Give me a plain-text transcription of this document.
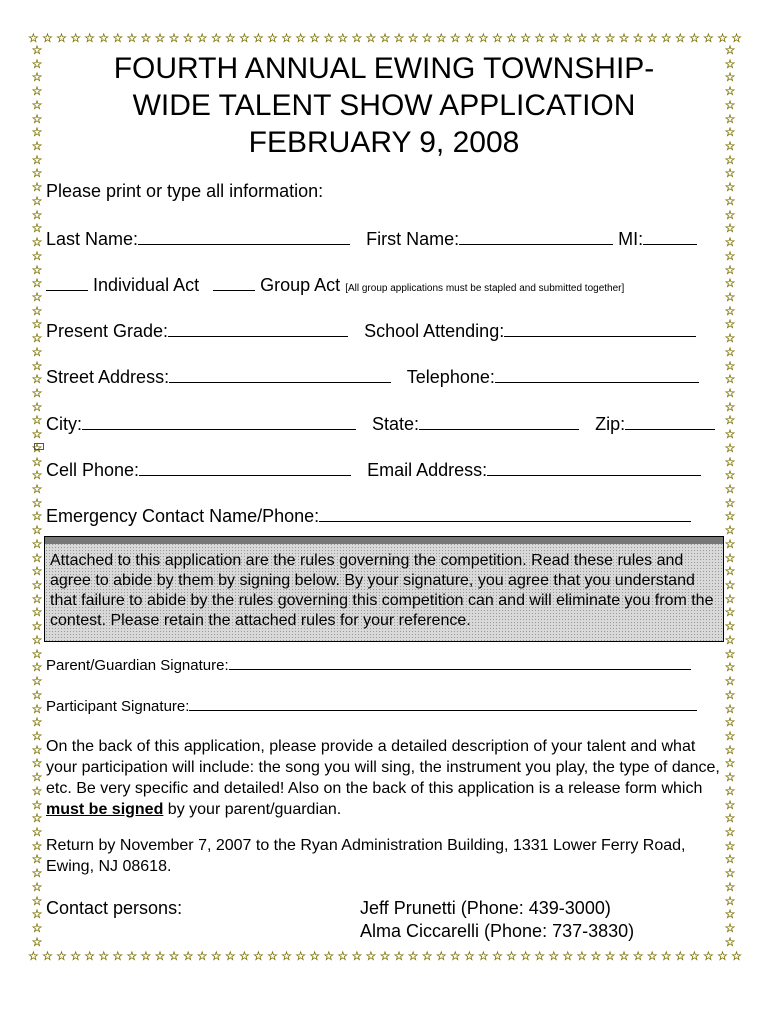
☆ ☆ ☆ ☆ ☆ ☆ ☆ ☆ ☆ ☆ ☆ ☆ ☆ ☆ ☆ ☆ ☆ ☆ ☆ ☆ ☆ ☆ ☆ ☆ ☆ ☆ ☆ ☆ ☆ ☆ ☆ ☆ ☆ ☆ ☆ ☆ ☆ ☆ ☆ ☆ ☆ ☆ ☆ ☆ ☆ ☆ ☆ ☆ ☆ ☆ ☆
☆ ☆ ☆ ☆ ☆ ☆ ☆ ☆ ☆ ☆ ☆ ☆ ☆ ☆ ☆ ☆ ☆ ☆ ☆ ☆ ☆ ☆ ☆ ☆ ☆ ☆ ☆ ☆ ☆ ☆ ☆ ☆ ☆ ☆ ☆ ☆ ☆ ☆ ☆ ☆ ☆ ☆ ☆ ☆ ☆ ☆ ☆ ☆ ☆ ☆ ☆
☆
☆
☆
☆
☆
☆
☆
☆
☆
☆
☆
☆
☆
☆
☆
☆
☆
☆
☆
☆
☆
☆
☆
☆
☆
☆
☆
☆
☆
☆
☆
☆
☆
☆
☆
☆
☆
☆
☆
☆
☆
☆
☆
☆
☆
☆
☆
☆
☆
☆
☆
☆
☆
☆
☆
☆
☆
☆
☆
☆
☆
☆
☆
☆
☆
☆
☆
☆
☆
☆
☆
☆
☆
☆
☆
☆
☆
☆
☆
☆
☆
☆
☆
☆
☆
☆
☆
☆
☆
☆
☆
☆
☆
☆
☆
☆
☆
☆
☆
☆
☆
☆
☆
☆
☆
☆
☆
☆
☆
☆
☆
☆
☆
☆
☆
☆
☆
☆
☆
☆
☆
☆
☆
☆
☆
☆
☆
☆
☆
☆
☆
☆
FOURTH ANNUAL EWING TOWNSHIP-
WIDE TALENT SHOW APPLICATION
FEBRUARY 9, 2008
Please print or type all information:
Last Name:	First Name:	MI:
Individual Act	Group Act [All group applications must be stapled and submitted together]
Present Grade:	School Attending:
Street Address:	Telephone:
City:	State:	Zip:
Cell Phone:	Email Address:
Emergency Contact Name/Phone:
Attached to this application are the rules governing the competition. Read these rules and agree to abide by them by signing below. By your signature, you agree that you understand that failure to abide by the rules governing this competition can and will eliminate you from the contest. Please retain the attached rules for your reference.
Parent/Guardian Signature:
Participant Signature:
On the back of this application, please provide a detailed description of your talent and what your participation will include: the song you will sing, the instrument you play, the type of dance, etc. Be very specific and detailed! Also on the back of this application is a release form which must be signed by your parent/guardian.
Return by November 7, 2007 to the Ryan Administration Building, 1331 Lower Ferry Road, Ewing, NJ 08618.
Contact persons:	Jeff Prunetti (Phone: 439-3000)
Alma Ciccarelli (Phone: 737-3830)
